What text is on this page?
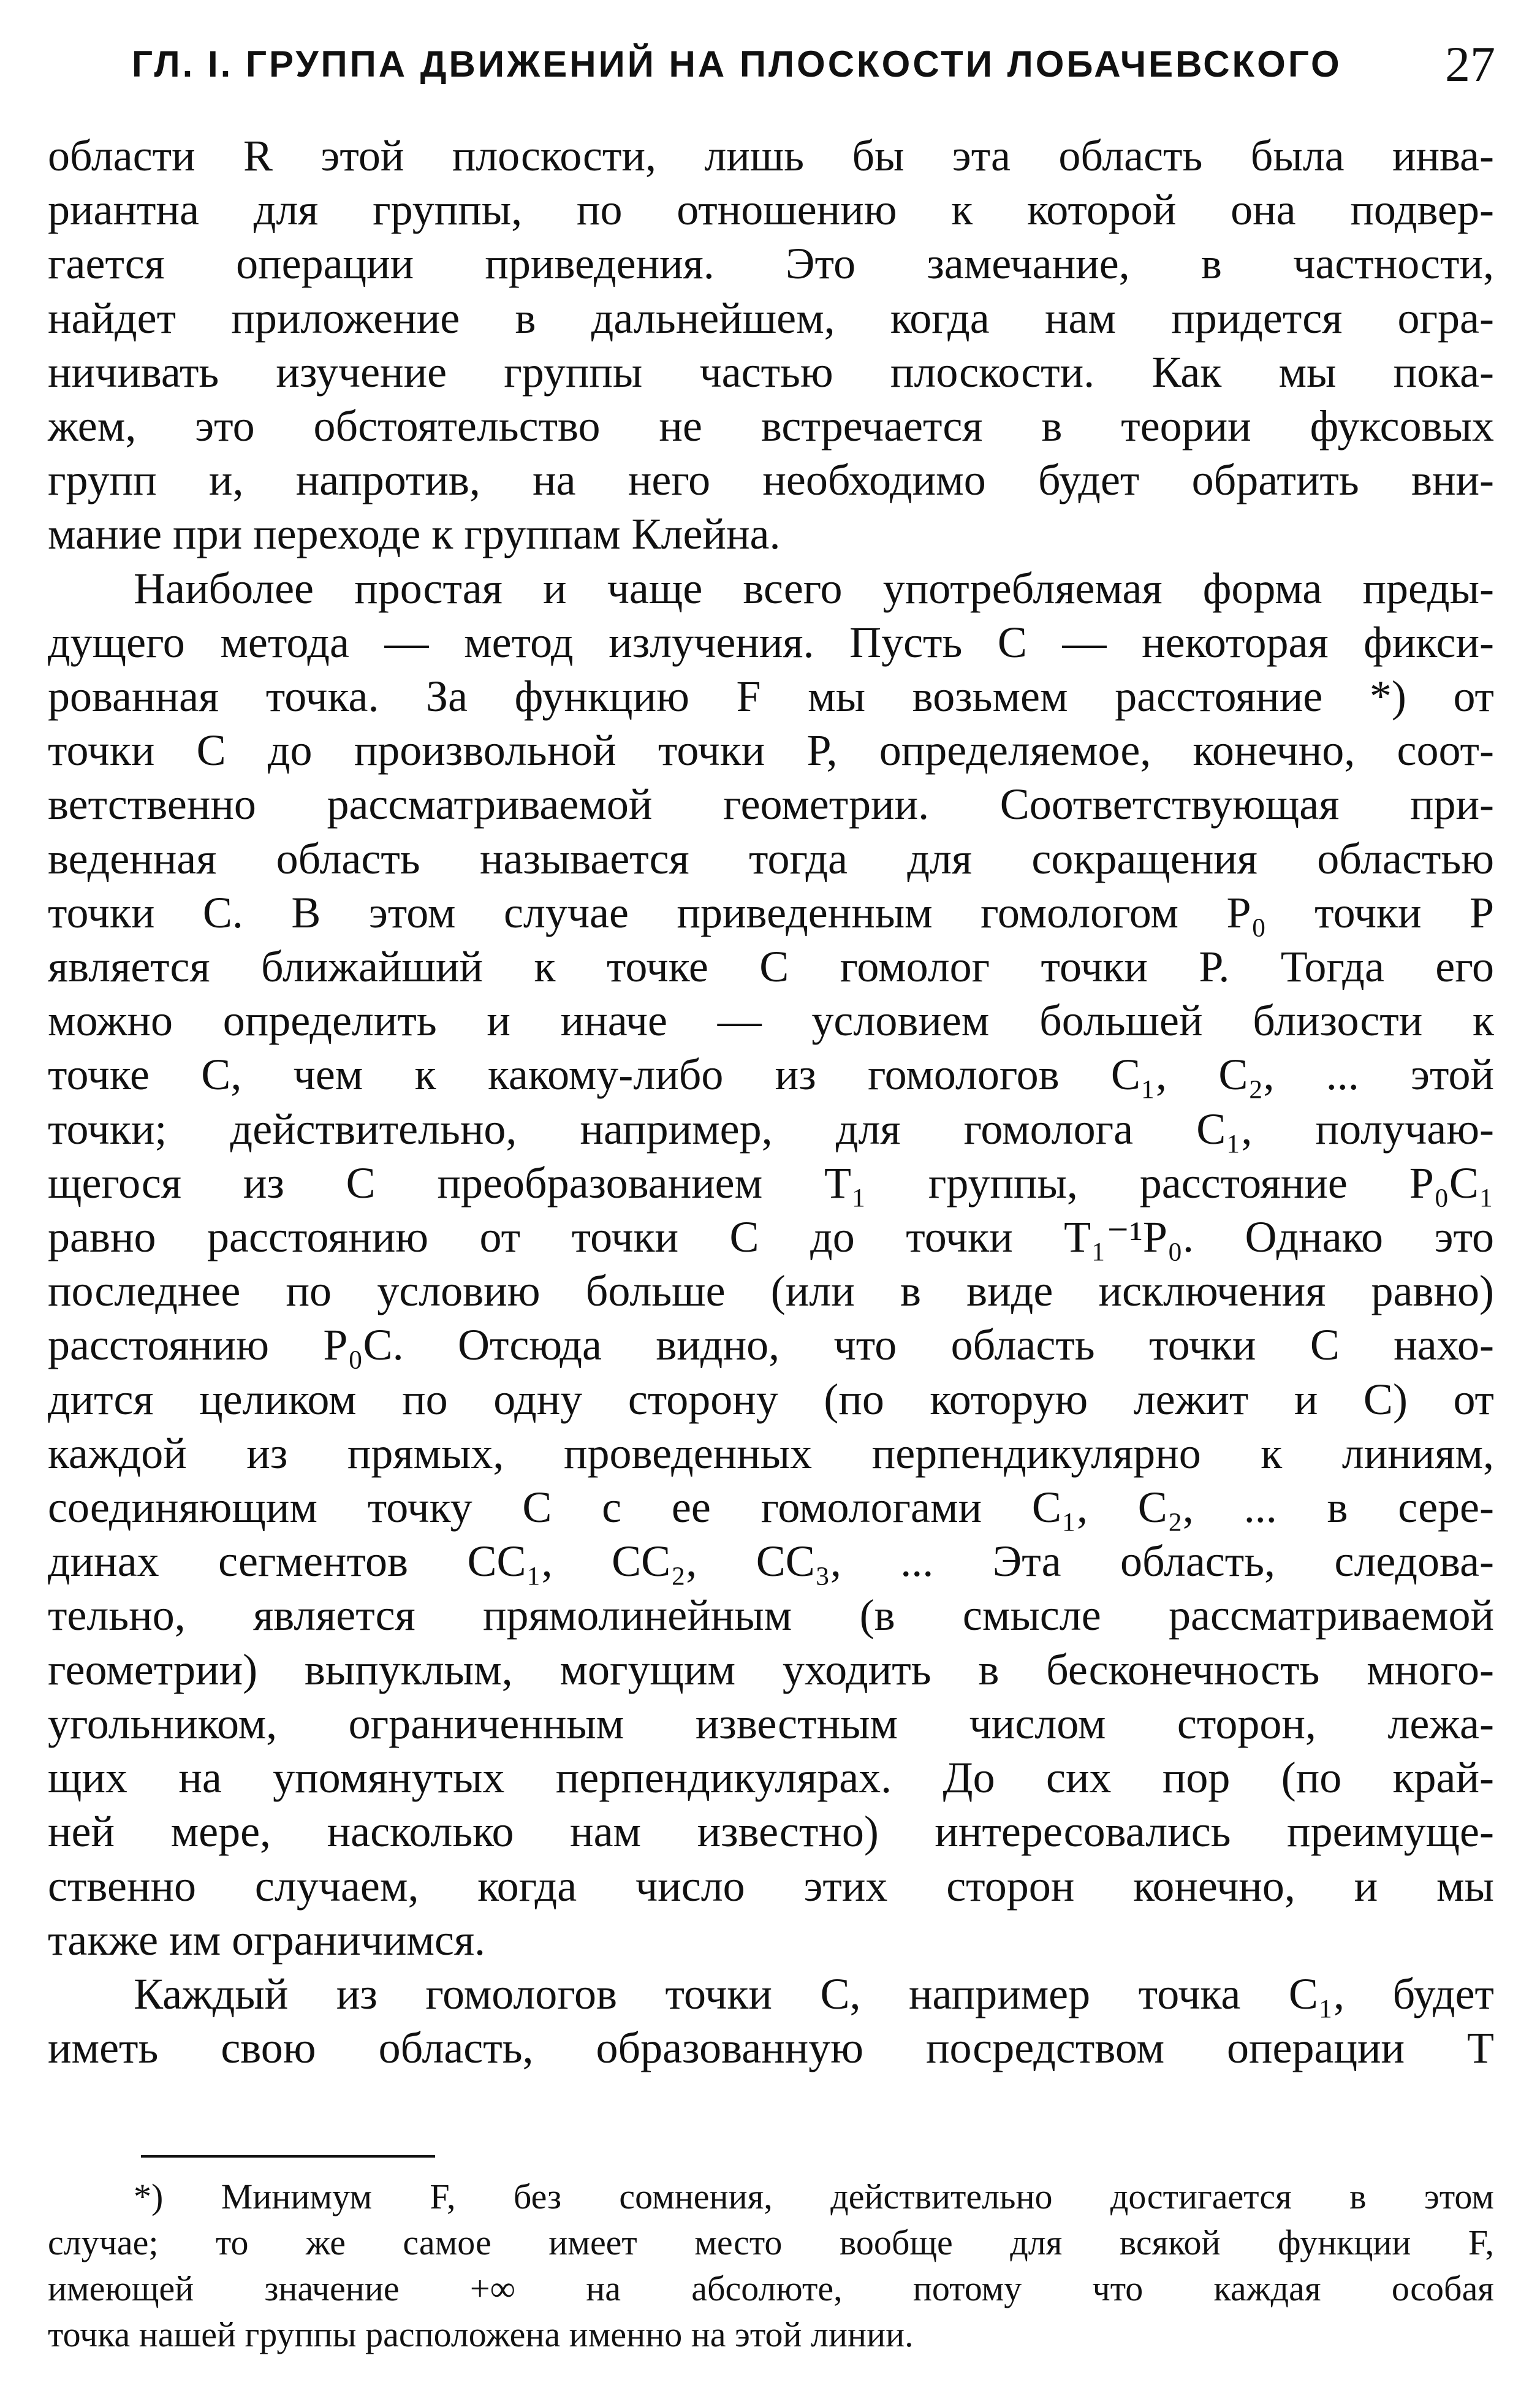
ГЛ. I. ГРУППА ДВИЖЕНИЙ НА ПЛОСКОСТИ ЛОБАЧЕВСКОГО 27
области R этой плоскости, лишь бы эта область была инва-
риантна для группы, по отношению к которой она подвер-
гается операции приведения. Это замечание, в частности,
найдет приложение в дальнейшем, когда нам придется огра-
ничивать изучение группы частью плоскости. Как мы пока-
жем, это обстоятельство не встречается в теории фуксовых
групп и, напротив, на него необходимо будет обратить вни-
мание при переходе к группам Клейна.
Наиболее простая и чаще всего употребляемая форма преды-
дущего метода — метод излучения. Пусть C — некоторая фикси-
рованная точка. За функцию F мы возьмем расстояние *) от
точки C до произвольной точки P, определяемое, конечно, соот-
ветственно рассматриваемой геометрии. Соответствующая при-
веденная область называется тогда для сокращения областью
точки C. В этом случае приведенным гомологом P₀ точки P
является ближайший к точке C гомолог точки P. Тогда его
можно определить и иначе — условием большей близости к
точке C, чем к какому-либо из гомологов C₁, C₂, ... этой
точки; действительно, например, для гомолога C₁, получаю-
щегося из C преобразованием T₁ группы, расстояние P₀C₁
равно расстоянию от точки C до точки T₁⁻¹P₀. Однако это
последнее по условию больше (или в виде исключения равно)
расстоянию P₀C. Отсюда видно, что область точки C нахо-
дится целиком по одну сторону (по которую лежит и C) от
каждой из прямых, проведенных перпендикулярно к линиям,
соединяющим точку C с ее гомологами C₁, C₂, ... в сере-
динах сегментов CC₁, CC₂, CC₃, ... Эта область, следова-
тельно, является прямолинейным (в смысле рассматриваемой
геометрии) выпуклым, могущим уходить в бесконечность много-
угольником, ограниченным известным числом сторон, лежа-
щих на упомянутых перпендикулярах. До сих пор (по край-
ней мере, насколько нам известно) интересовались преимуще-
ственно случаем, когда число этих сторон конечно, и мы
также им ограничимся.
Каждый из гомологов точки C, например точка C₁, будет
иметь свою область, образованную посредством операции T
*) Минимум F, без сомнения, действительно достигается в этом
случае; то же самое имеет место вообще для всякой функции F,
имеющей значение +∞ на абсолюте, потому что каждая особая
точка нашей группы расположена именно на этой линии.
